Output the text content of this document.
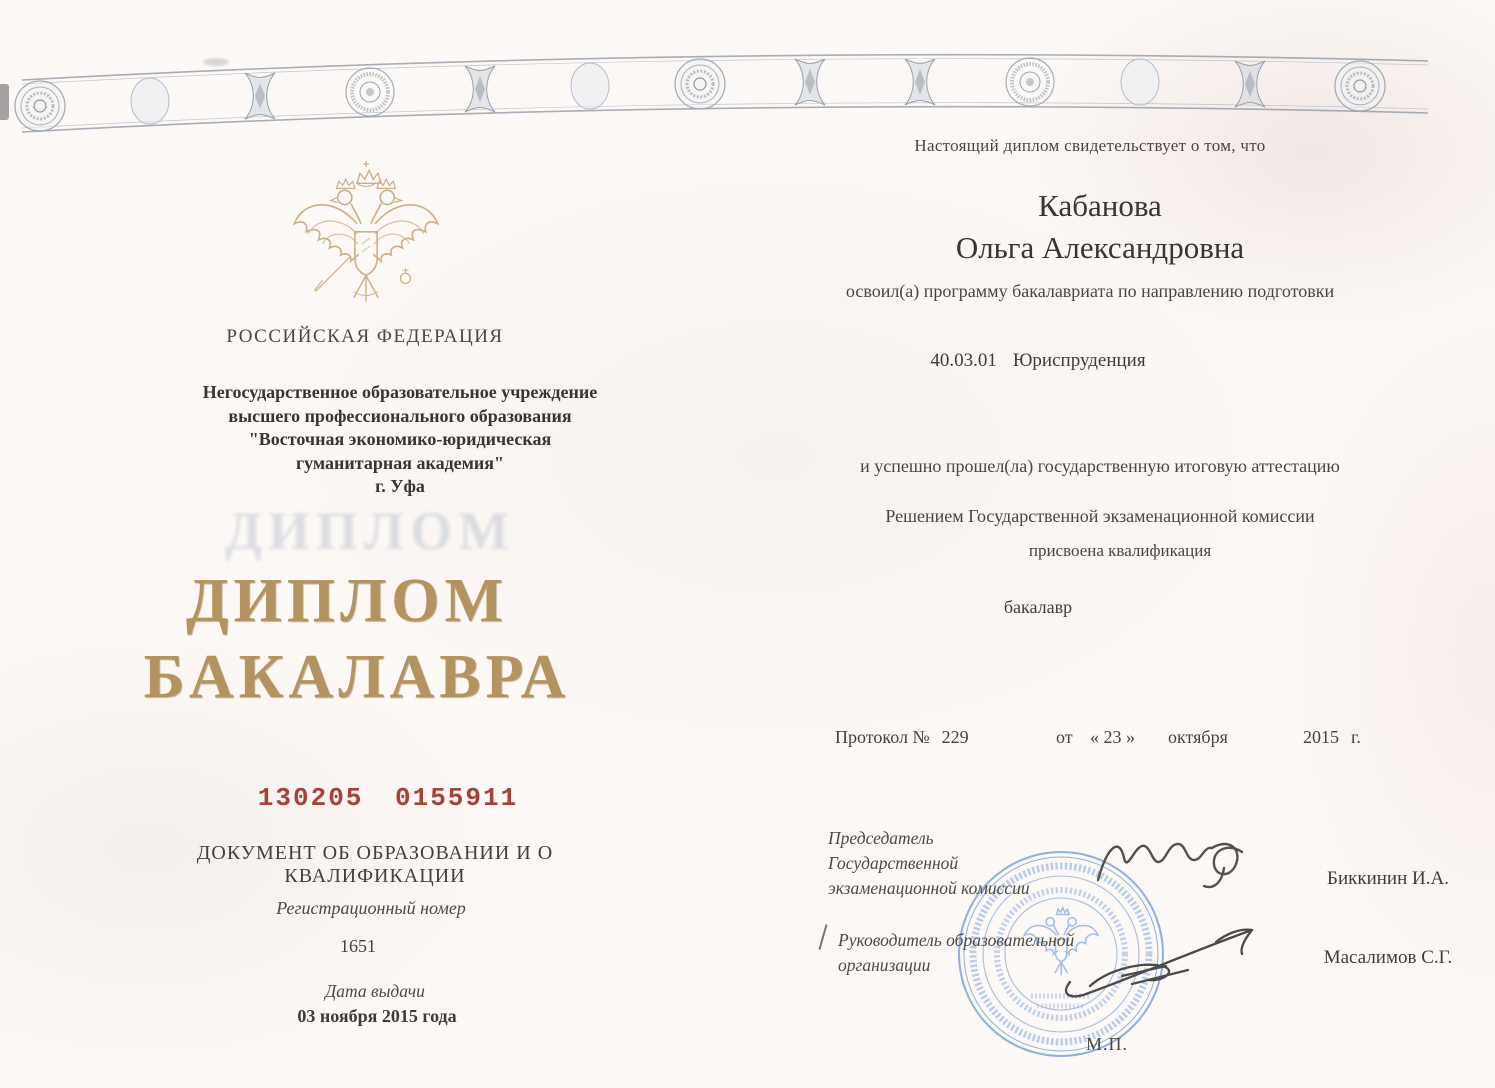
РОССИЙСКАЯ ФЕДЕРАЦИЯ
Негосударственное образовательное учреждение
высшего профессионального образования
"Восточная экономико-юридическая
гуманитарная академия"
г. Уфа
ДИПЛОМ
ДИПЛОМ
БАКАЛАВРА
130205 0155911
ДОКУМЕНТ ОБ ОБРАЗОВАНИИ И О КВАЛИФИКАЦИИ
Регистрационный номер
1651
Дата выдачи
03 ноября 2015 года
Настоящий диплом свидетельствует о том, что
Кабанова
Ольга Александровна
освоил(а) программу бакалавриата по направлению подготовки
40.03.01 Юриспруденция
и успешно прошел(ла) государственную итоговую аттестацию
Решением Государственной экзаменационной комиссии
присвоена квалификация
бакалавр
Протокол № 229	от « 23 » октября	2015 г.
Председатель
Государственной
экзаменационной комиссии	Биккинин И.А.
Руководитель образовательной
организации	Масалимов С.Г.
М.П.
